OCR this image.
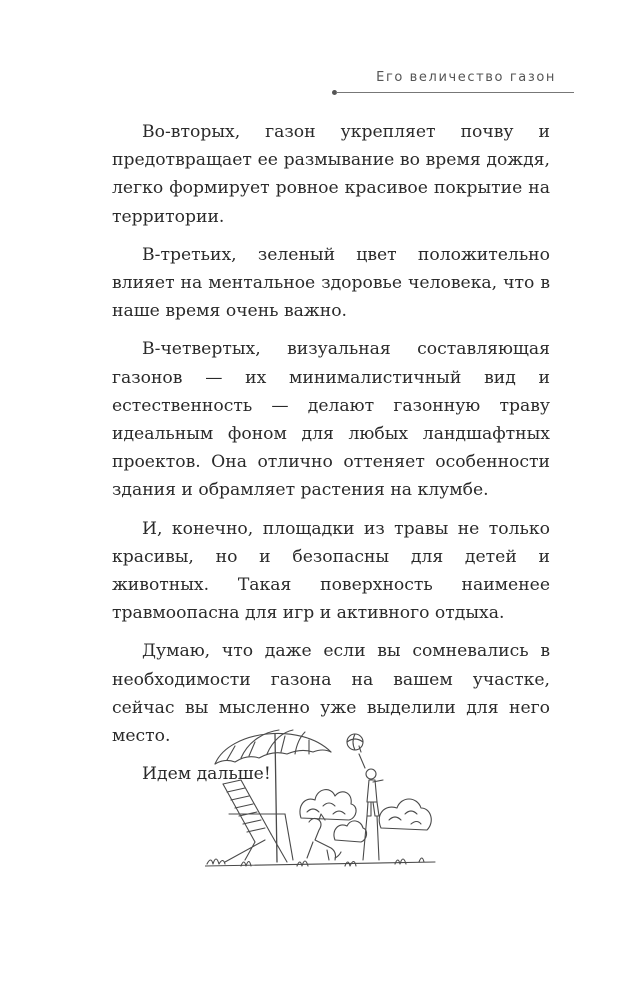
Его величество газон

Во-вторых, газон укрепляет почву и предотвращает ее размывание во время дождя, легко формирует ровное красивое покрытие на территории.

В-третьих, зеленый цвет положительно влияет на ментальное здоровье человека, что в наше время очень важно.

В-четвертых, визуальная составляющая газонов — их минималистичный вид и естественность — делают газонную траву идеальным фоном для любых ландшафтных проектов. Она отлично оттеняет особенности здания и обрамляет растения на клумбе.

И, конечно, площадки из травы не только красивы, но и безопасны для детей и животных. Такая поверхность наименее травмоопасна для игр и активного отдыха.

Думаю, что даже если вы сомневались в необходимости газона на вашем участке, сейчас вы мысленно уже выделили для него место.

Идем дальше!
